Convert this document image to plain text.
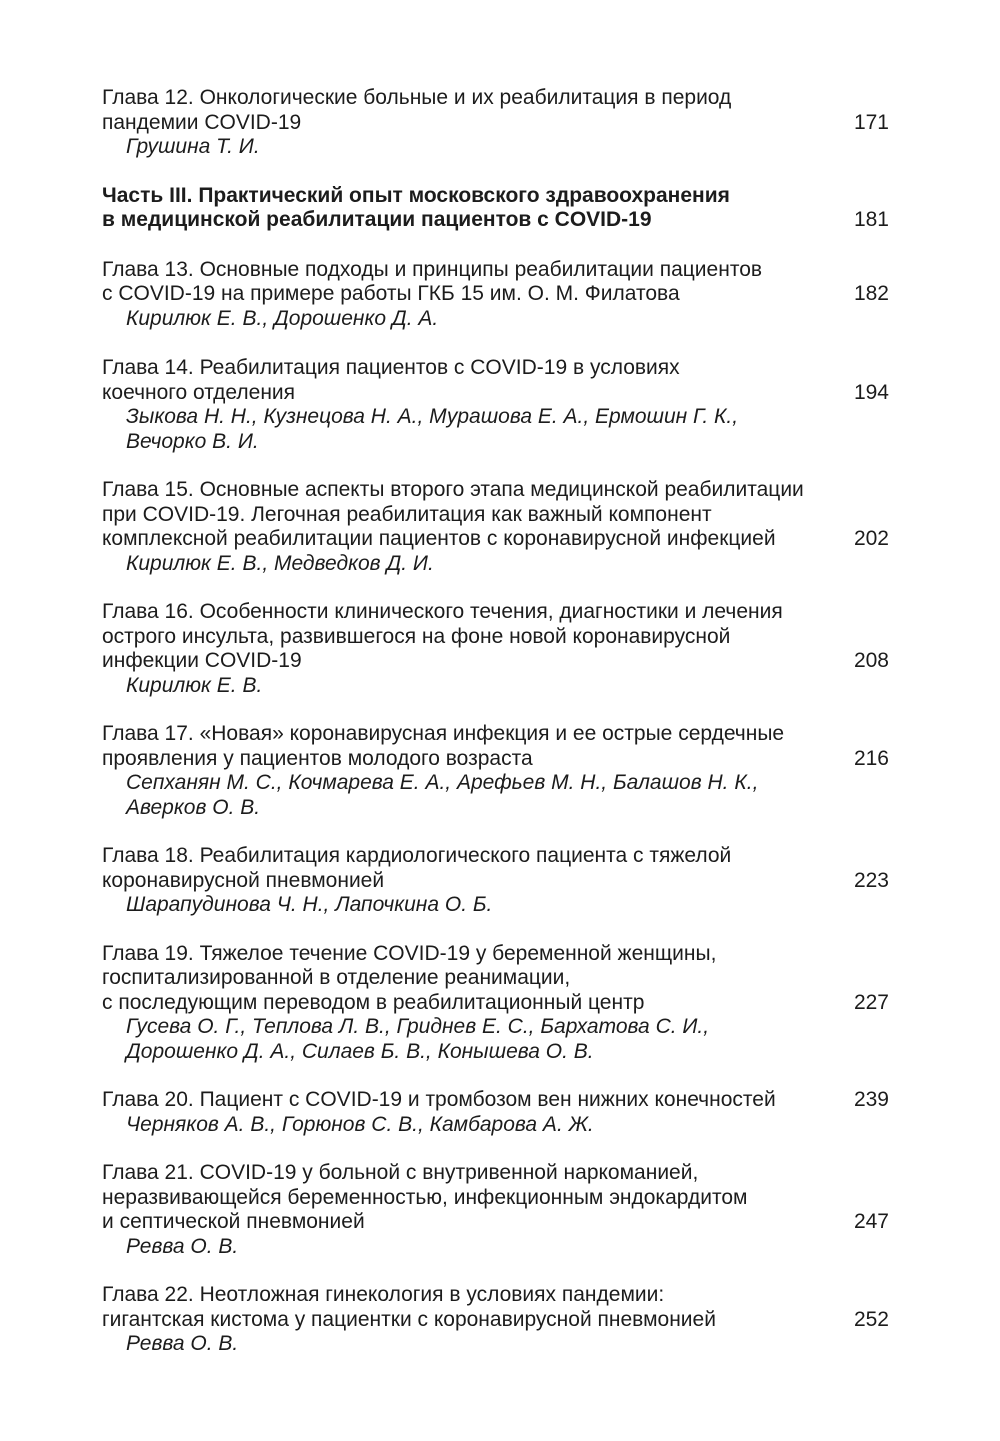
Глава 12. Онкологические больные и их реабилитация в период
пандемии COVID-19	171
Грушина Т. И.
Часть III. Практический опыт московского здравоохранения
в медицинской реабилитации пациентов с COVID-19	181
Глава 13. Основные подходы и принципы реабилитации пациентов
с COVID-19 на примере работы ГКБ 15 им. О. М. Филатова	182
Кирилюк Е. В., Дорошенко Д. А.
Глава 14. Реабилитация пациентов с COVID-19 в условиях
коечного отделения	194
Зыкова Н. Н., Кузнецова Н. А., Мурашова Е. А., Ермошин Г. К.,
Вечорко В. И.
Глава 15. Основные аспекты второго этапа медицинской реабилитации
при COVID-19. Легочная реабилитация как важный компонент
комплексной реабилитации пациентов с коронавирусной инфекцией	202
Кирилюк Е. В., Медведков Д. И.
Глава 16. Особенности клинического течения, диагностики и лечения
острого инсульта, развившегося на фоне новой коронавирусной
инфекции COVID-19	208
Кирилюк Е. В.
Глава 17. «Новая» коронавирусная инфекция и ее острые сердечные
проявления у пациентов молодого возраста	216
Сепханян М. С., Кочмарева Е. А., Арефьев М. Н., Балашов Н. К.,
Аверков О. В.
Глава 18. Реабилитация кардиологического пациента с тяжелой
коронавирусной пневмонией	223
Шарапудинова Ч. Н., Лапочкина О. Б.
Глава 19. Тяжелое течение COVID-19 у беременной женщины,
госпитализированной в отделение реанимации,
с последующим переводом в реабилитационный центр	227
Гусева О. Г., Теплова Л. В., Гриднев Е. С., Бархатова С. И.,
Дорошенко Д. А., Силаев Б. В., Конышева О. В.
Глава 20. Пациент с COVID-19 и тромбозом вен нижних конечностей	239
Черняков А. В., Горюнов С. В., Камбарова А. Ж.
Глава 21. COVID-19 у больной с внутривенной наркоманией,
неразвивающейся беременностью, инфекционным эндокардитом
и септической пневмонией	247
Ревва О. В.
Глава 22. Неотложная гинекология в условиях пандемии:
гигантская кистома у пациентки с коронавирусной пневмонией	252
Ревва О. В.
